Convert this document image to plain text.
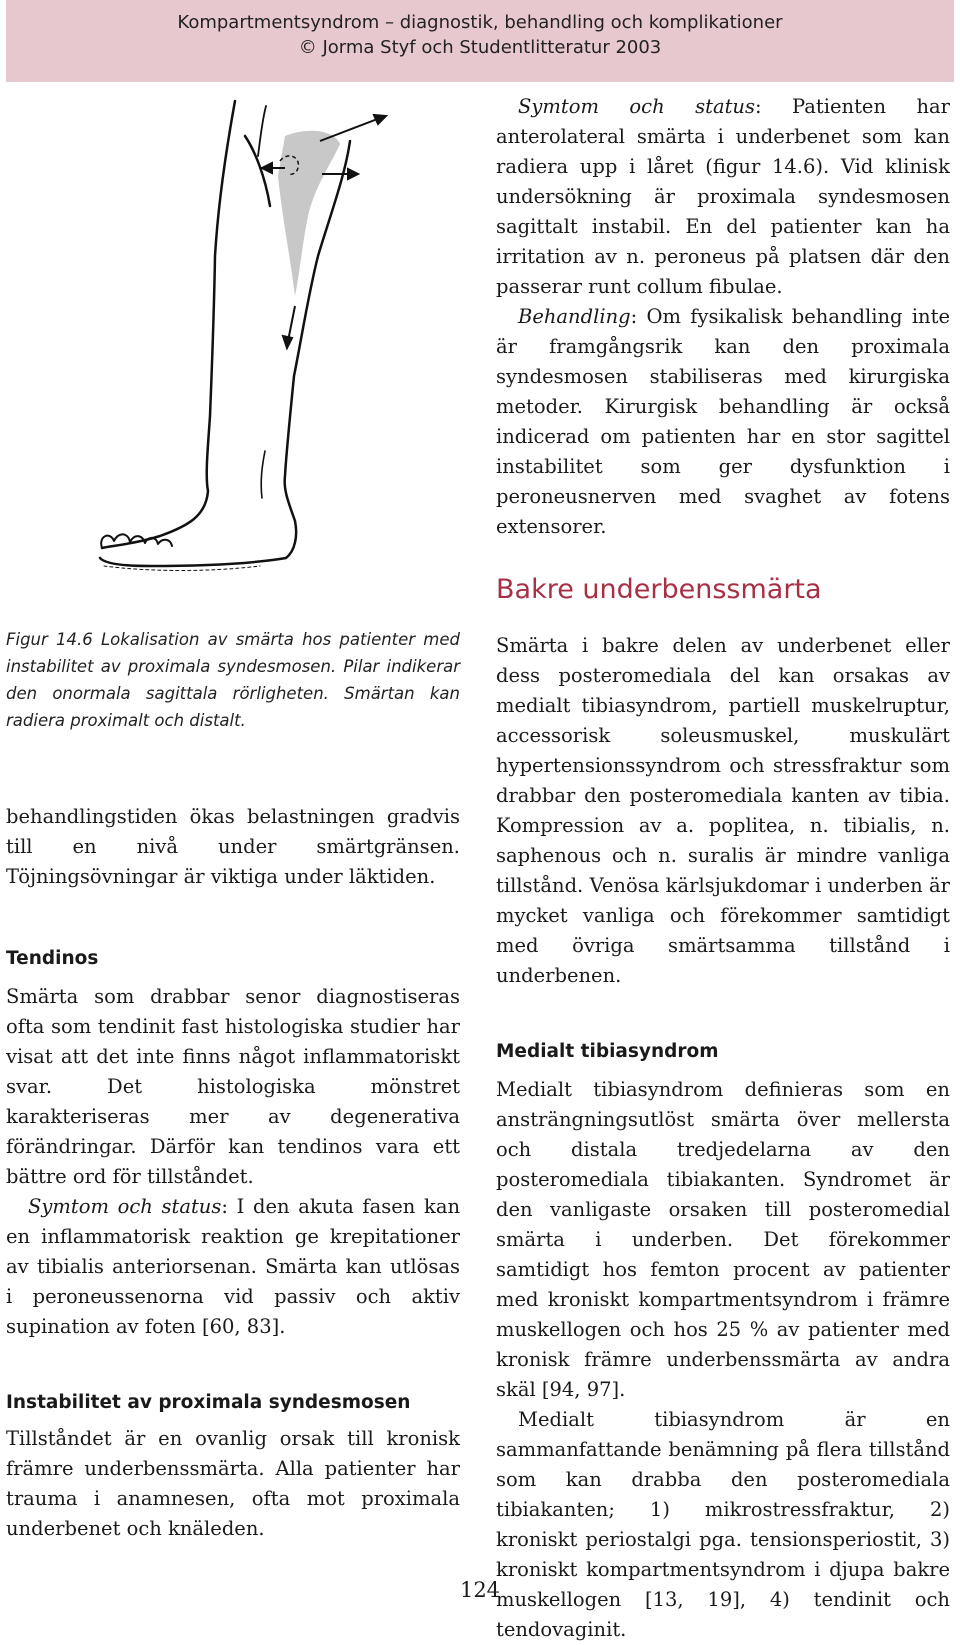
Kompartmentsyndrom – diagnostik, behandling och komplikationer
© Jorma Styf och Studentlitteratur 2003

Symtom och status: Patienten har anterolateral smärta i underbenet som kan radiera upp i låret (figur 14.6). Vid klinisk undersökning är proximala syndesmosen sagittalt instabil. En del patienter kan ha irritation av n. peroneus på platsen där den passerar runt collum fibulae.

Behandling: Om fysikalisk behandling inte är framgångsrik kan den proximala syndesmosen stabiliseras med kirurgiska metoder. Kirurgisk behandling är också indicerad om patienten har en stor sagittel instabilitet som ger dysfunktion i peroneusnerven med svaghet av fotens extensorer.

Bakre underbenssmärta
Figur 14.6 Lokalisation av smärta hos patienter med instabilitet av proximala syndesmosen. Pilar indikerar den onormala sagittala rörligheten. Smärtan kan radiera proximalt och distalt.

behandlingstiden ökas belastningen gradvis till en nivå under smärtgränsen. Töjningsövningar är viktiga under läktiden.

Tendinos

Smärta som drabbar senor diagnostiseras ofta som tendinit fast histologiska studier har visat att det inte finns något inflammatoriskt svar. Det histologiska mönstret karakteriseras mer av degenerativa förändringar. Därför kan tendinos vara ett bättre ord för tillståndet.

Symtom och status: I den akuta fasen kan en inflammatorisk reaktion ge krepitationer av tibialis anteriorsenan. Smärta kan utlösas i peroneussenorna vid passiv och aktiv supination av foten [60, 83].

Instabilitet av proximala syndesmosen

Tillståndet är en ovanlig orsak till kronisk främre underbenssmärta. Alla patienter har trauma i anamnesen, ofta mot proximala underbenet och knäleden.

Smärta i bakre delen av underbenet eller dess posteromediala del kan orsakas av medialt tibiasyndrom, partiell muskelruptur, accessorisk soleusmuskel, muskulärt hypertensionssyndrom och stressfraktur som drabbar den posteromediala kanten av tibia. Kompression av a. poplitea, n. tibialis, n. saphenous och n. suralis är mindre vanliga tillstånd. Venösa kärlsjukdomar i underben är mycket vanliga och förekommer samtidigt med övriga smärtsamma tillstånd i underbenen.

Medialt tibiasyndrom

Medialt tibiasyndrom definieras som en ansträngningsutlöst smärta över mellersta och distala tredjedelarna av den posteromediala tibiakanten. Syndromet är den vanligaste orsaken till posteromedial smärta i underben. Det förekommer samtidigt hos femton procent av patienter med kroniskt kompartmentsyndrom i främre muskellogen och hos 25 % av patienter med kronisk främre underbenssmärta av andra skäl [94, 97].

Medialt tibiasyndrom är en sammanfattande benämning på flera tillstånd som kan drabba den posteromediala tibiakanten; 1) mikrostressfraktur, 2) kroniskt periostalgi pga. tensionsperiostit, 3) kroniskt kompartmentsyndrom i djupa bakre muskellogen [13, 19], 4) tendinit och tendovaginit.

124
